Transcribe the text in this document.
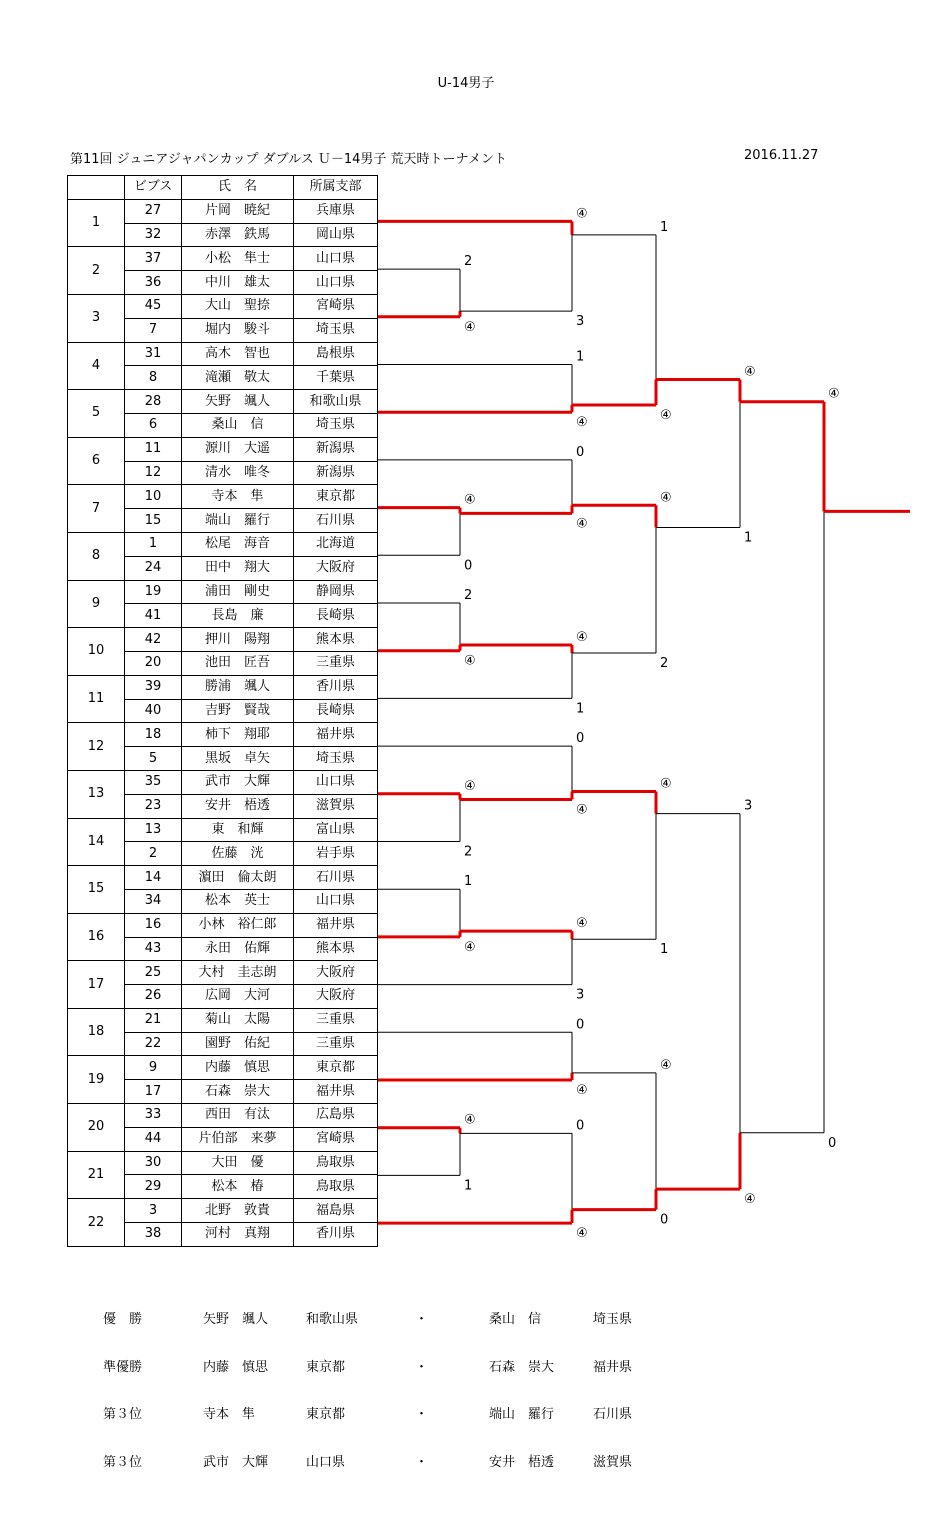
U-14男子
第11回 ジュニアジャパンカップ ダブルス Ｕ－14男子 荒天時トーナメント	2016.11.27
	ビブス	氏　名	所属支部
1	27	片岡　暁紀	兵庫県
	32	赤澤　鉄馬	岡山県
2	37	小松　隼士	山口県
	36	中川　雄太	山口県
3	45	大山　聖捺	宮崎県
	7	堀内　駿斗	埼玉県
4	31	高木　智也	島根県
	8	滝瀬　敬太	千葉県
5	28	矢野　颯人	和歌山県
	6	桑山　信	埼玉県
6	11	源川　大遥	新潟県
	12	清水　唯冬	新潟県
7	10	寺本　隼	東京都
	15	端山　羅行	石川県
8	1	松尾　海音	北海道
	24	田中　翔大	大阪府
9	19	浦田　剛史	静岡県
	41	長島　廉	長崎県
10	42	押川　陽翔	熊本県
	20	池田　匠吾	三重県
11	39	勝浦　颯人	香川県
	40	吉野　賢哉	長崎県
12	18	柿下　翔耶	福井県
	5	黒坂　卓矢	埼玉県
13	35	武市　大輝	山口県
	23	安井　梧透	滋賀県
14	13	東　和輝	富山県
	2	佐藤　洸	岩手県
15	14	濵田　倫太朗	石川県
	34	松本　英士	山口県
16	16	小林　裕仁郎	福井県
	43	永田　佑輝	熊本県
17	25	大村　圭志朗	大阪府
	26	広岡　大河	大阪府
18	21	菊山　太陽	三重県
	22	園野　佑紀	三重県
19	9	内藤　慎思	東京都
	17	石森　崇大	福井県
20	33	西田　有汰	広島県
	44	片伯部　来夢	宮崎県
21	30	大田　優	鳥取県
	29	松本　椿	鳥取県
22	3	北野　敦貴	福島県
	38	河村　真翔	香川県
2
④
④
0
2
④
④
2
1
④
④
1
④
3
1
④
0
④
④
1
0
④
④
3
0
④
0
④
1
④
④
2
④
1
④
0
④
1
3
④
④
0
優　勝	矢野　颯人	和歌山県	・	桑山　信	埼玉県
準優勝	内藤　慎思	東京都	・	石森　崇大	福井県
第３位	寺本　隼	東京都	・	端山　羅行	石川県
第３位	武市　大輝	山口県	・	安井　梧透	滋賀県
